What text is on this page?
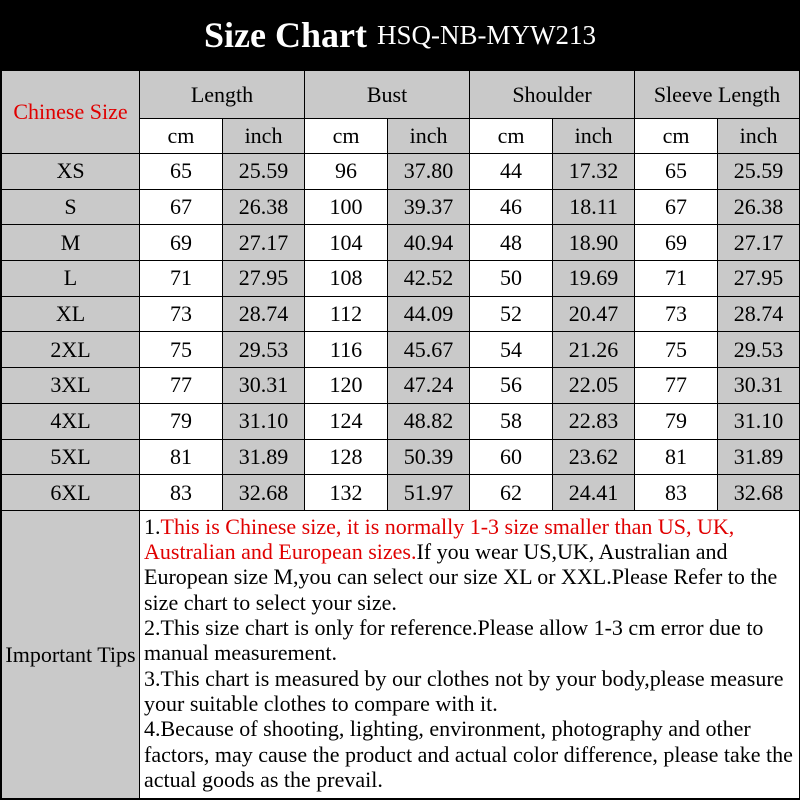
Size Chart HSQ-NB-MYW213
Chinese Size	Length		Bust		Shoulder		Sleeve Length	
	cm	inch	cm	inch	cm	inch	cm	inch
XS	65	25.59	96	37.80	44	17.32	65	25.59
S	67	26.38	100	39.37	46	18.11	67	26.38
M	69	27.17	104	40.94	48	18.90	69	27.17
L	71	27.95	108	42.52	50	19.69	71	27.95
XL	73	28.74	112	44.09	52	20.47	73	28.74
2XL	75	29.53	116	45.67	54	21.26	75	29.53
3XL	77	30.31	120	47.24	56	22.05	77	30.31
4XL	79	31.10	124	48.82	58	22.83	79	31.10
5XL	81	31.89	128	50.39	60	23.62	81	31.89
6XL	83	32.68	132	51.97	62	24.41	83	32.68
Important Tips	1.This is Chinese size, it is normally 1-3 size smaller than US, UK, Australian and European sizes.If you wear US,UK, Australian and European size M,you can select our size XL or XXL.Please Refer to the size chart to select your size.

2.This size chart is only for reference.Please allow 1-3 cm error due to manual measurement.

3.This chart is measured by our clothes not by your body,please measure your suitable clothes to compare with it.

4.Because of shooting, lighting, environment, photography and other factors, may cause the product and actual color difference, please take the actual goods as the prevail.							
